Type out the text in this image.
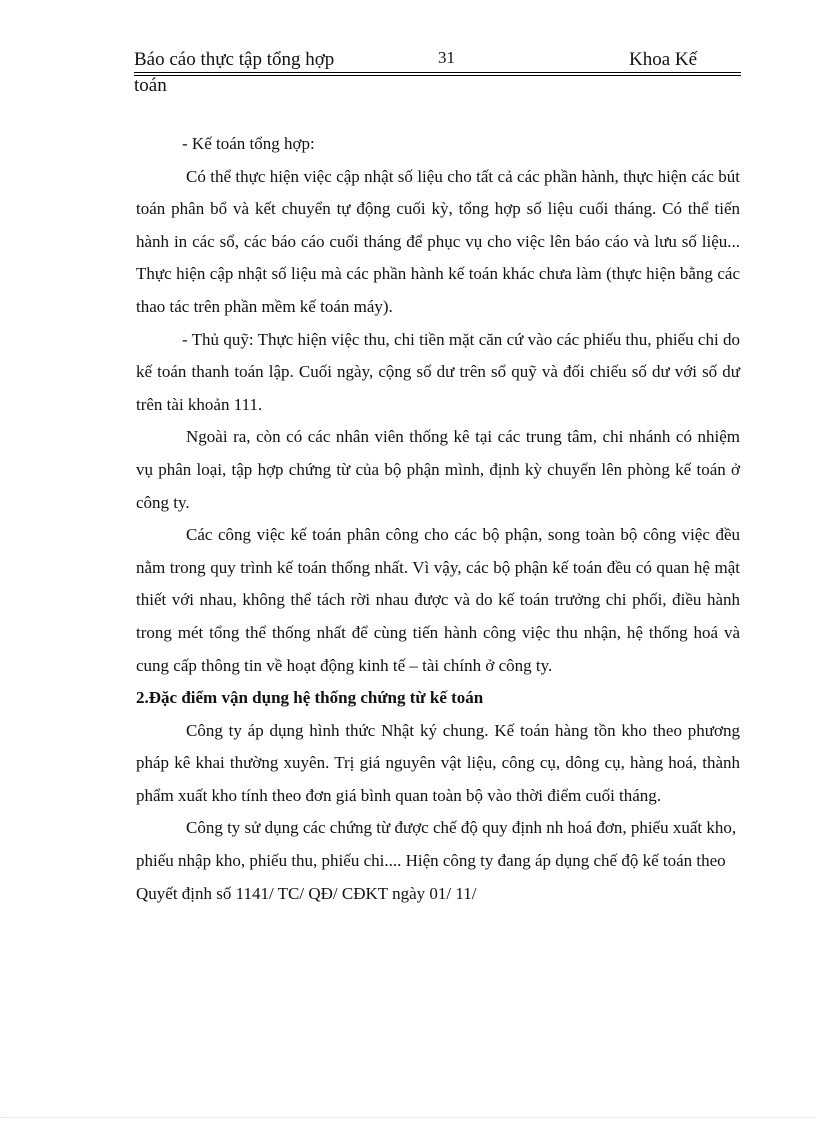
Báo cáo thực tập tổng hợp	31	Khoa Kế
toán

- Kế toán tổng hợp:

Có thể thực hiện việc cập nhật số liệu cho tất cả các phần hành, thực hiện các bút toán phân bổ và kết chuyển tự động cuối kỳ, tổng hợp số liệu cuối tháng. Có thể tiến hành in các sổ, các báo cáo cuối tháng để phục vụ cho việc lên báo cáo và lưu số liệu... Thực hiện cập nhật số liệu mà các phần hành kế toán khác chưa làm (thực hiện bằng các thao tác trên phần mềm kế toán máy).

- Thủ quỹ: Thực hiện việc thu, chi tiền mặt căn cứ vào các phiếu thu, phiếu chi do kế toán thanh toán lập. Cuối ngày, cộng số dư trên sổ quỹ và đối chiếu số dư với số dư trên tài khoản 111.

Ngoài ra, còn có các nhân viên thống kê tại các trung tâm, chi nhánh có nhiệm vụ phân loại, tập hợp chứng từ của bộ phận mình, định kỳ chuyển lên phòng kế toán ở công ty.

Các công việc kế toán phân công cho các bộ phận, song toàn bộ công việc đều nằm trong quy trình kế toán thống nhất. Vì vậy, các bộ phận kế toán đều có quan hệ mật thiết với nhau, không thể tách rời nhau được và do kế toán trưởng chi phối, điều hành trong mét tổng thể thống nhất để cùng tiến hành công việc thu nhận, hệ thống hoá và cung cấp thông tin về hoạt động kinh tế – tài chính ở công ty.

2.Đặc điểm vận dụng hệ thống chứng từ kế toán

Công ty áp dụng hình thức Nhật ký chung. Kế toán hàng tồn kho theo phương pháp kê khai thường xuyên. Trị giá nguyên vật liệu, công cụ, dông cụ, hàng hoá, thành phẩm xuất kho tính theo đơn giá bình quan toàn bộ vào thời điểm cuối tháng.

Công ty sử dụng các chứng từ được chế độ quy định nh hoá đơn, phiếu xuất kho, phiếu nhập kho, phiếu thu, phiếu chi.... Hiện công ty đang áp dụng chế độ kế toán theo Quyết định số 1141/ TC/ QĐ/ CĐKT ngày 01/ 11/
